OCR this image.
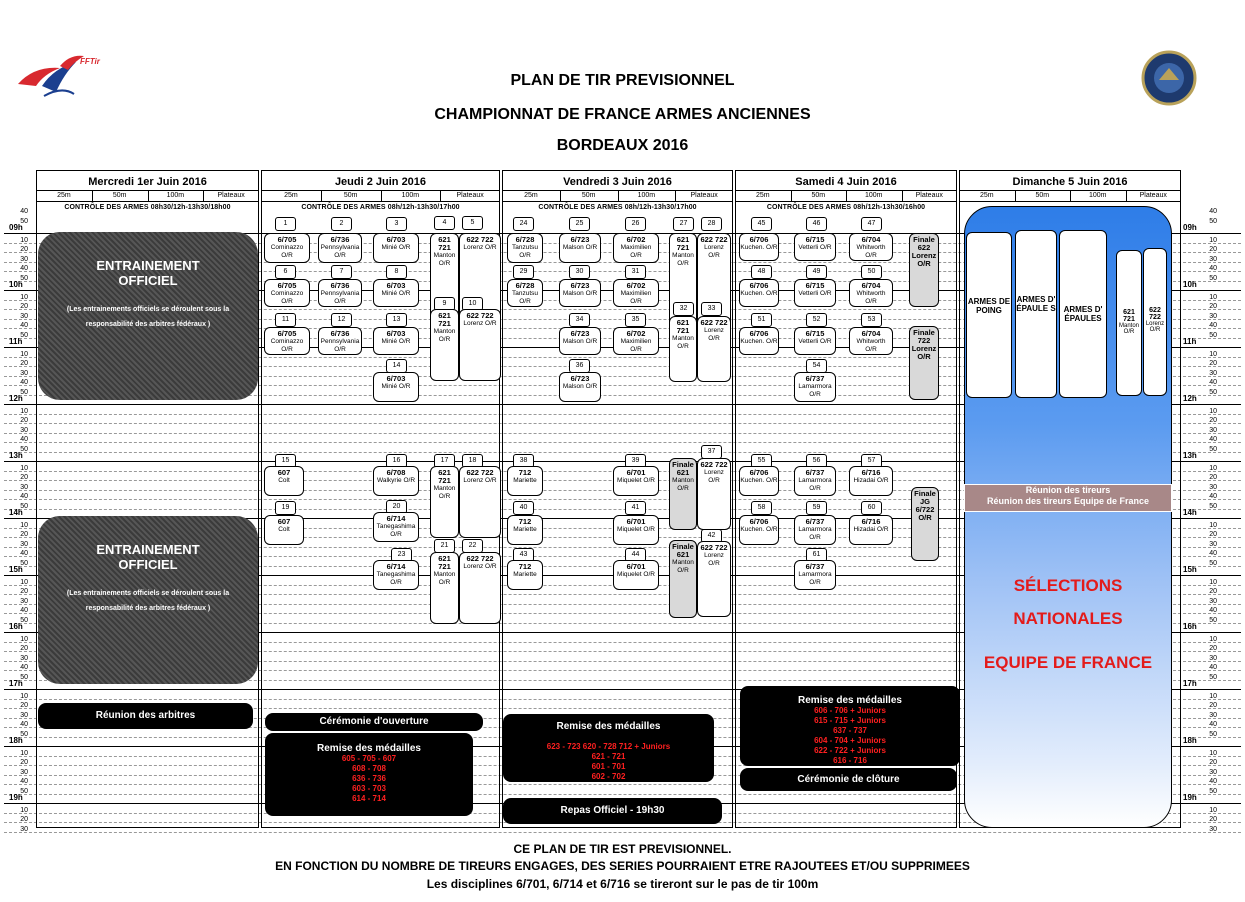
FFTir
PLAN DE TIR PREVISIONNEL
CHAMPIONNAT DE FRANCE ARMES ANCIENNES
BORDEAUX 2016
25m	50m	100m	Plateaux	25m	50m	100m	Plateaux	25m	50m	100m	Plateaux	25m	50m	100m	Plateaux	25m	50m	100m	Plateaux
40	40
50	50
09h	09h
10	10
20	20
30	30
40	40
50	50
10h	10h
10	10
20	20
30	30
40	40
50	50
11h	11h
10	10
20	20
30	30
40	40
50	50
12h	12h
10	10
20	20
30	30
40	40
50	50
13h	13h
10	10
20	20
30	30
40	40
50	50
14h	14h
10	10
20	20
30	30
40	40
50	50
15h	15h
10	10
20	20
30	30
40	40
50	50
16h	16h
10	10
20	20
30	30
40	40
50	50
17h	17h
10	10
20	20
30	30
40	40
50	50
18h	18h
10	10
20	20
30	30
40	40
50	50
19h	19h
10	10
20	20
30	30
Mercredi 1er Juin 2016	Jeudi 2 Juin 2016	Vendredi 3 Juin 2016	Samedi 4 Juin 2016	Dimanche 5 Juin 2016
CONTRÔLE DES ARMES 08h30/12h-13h30/18h00	CONTRÔLE DES ARMES 08h/12h-13h30/17h00	CONTRÔLE DES ARMES 08h/12h-13h30/17h00	CONTRÔLE DES ARMES 08h/12h-13h30/16h00
ENTRAINEMENT OFFICIEL
(Les entrainements officiels se déroulent sous la responsabilité des arbitres fédéraux )
ENTRAINEMENT OFFICIEL
(Les entrainements officiels se déroulent sous la responsabilité des arbitres fédéraux )
Réunion des arbitres
Cérémonie d'ouverture
Remise des médailles
605 - 705 - 607
608 - 708
636 - 736
603 - 703
614 - 714
Remise des médailles
623 - 723 620 - 728 712 + Juniors
621 - 721
601 - 701
602 - 702
Repas Officiel - 19h30
Remise des médailles
606 - 706 + Juniors
615 - 715 + Juniors
637 - 737
604 - 704 + Juniors
622 - 722 + Juniors
616 - 716
Cérémonie de clôture
ARMES DE POING
ARMES D' ÉPAULE S ARMES D' ÉPAULES
621 721
Manton O/R
622 722
Lorenz O/R
Réunion des tireurs
Réunion des tireurs Equipe de France
SÉLECTIONS
NATIONALES
EQUIPE DE FRANCE
1	2	3	4	5
6/705
Cominazzo O/R
6/736
Pennsylvania O/R
6/703
Minié O/R
621 721
Manton O/R
622 722
Lorenz O/R
6	7	8
6/705
Cominazzo O/R
6/736
Pennsylvania O/R
6/703
Minié O/R
9	10
11	12	13
6/705
Cominazzo O/R
6/736
Pennsylvania O/R
6/703
Minié O/R
621 721
Manton O/R
622 722
Lorenz O/R
14
6/703
Minié O/R
15
607
Colt
16
6/708
Walkyrie O/R
17	18
621 721
Manton O/R
622 722
Lorenz O/R
19
607
Colt
20
6/714
Tanegashima O/R
21	22
23
6/714
Tanegashima O/R
621 721
Manton O/R
622 722
Lorenz O/R
24	25	26	27	28
6/728
Tanzutsu O/R
6/723
Malson O/R
6/702
Maximilien O/R
621 721
Manton O/R
622 722
Lorenz O/R
29	30	31
6/728
Tanzutsu O/R
6/723
Malson O/R
6/702
Maximilien O/R
32	33
34	35
6/723
Malson O/R
6/702
Maximilien O/R
621 721
Manton O/R
622 722
Lorenz O/R
36
6/723
Malson O/R
37
38	39
712
Mariette
6/701
Miquelet O/R
Finale 621
Manton O/R
622 722
Lorenz O/R
40	41
712
Mariette
6/701
Miquelet O/R
42
43	44
712
Mariette
6/701
Miquelet O/R
Finale 621
Manton O/R
622 722
Lorenz O/R
45	46	47
6/706
Kuchen. O/R
6/715
Vetterli O/R
6/704
Whitworth O/R
Finale 622 Lorenz O/R
48	49	50
6/706
Kuchen. O/R
6/715
Vetterli O/R
6/704
Whitworth O/R
51	52	53
6/706
Kuchen. O/R
6/715
Vetterli O/R
6/704
Whitworth O/R
Finale 722 Lorenz O/R
54
6/737
Lamarmora O/R
55	56	57
6/706
Kuchen. O/R
6/737
Lamarmora O/R
6/716
Hizadai O/R
Finale JG 6/722 O/R
58	59	60
6/706
Kuchen. O/R
6/737
Lamarmora O/R
6/716
Hizadai O/R
61
6/737
Lamarmora O/R
CE PLAN DE TIR EST PREVISIONNEL.
EN FONCTION DU NOMBRE DE TIREURS ENGAGES, DES SERIES POURRAIENT ETRE RAJOUTEES ET/OU SUPPRIMEES
Les disciplines 6/701, 6/714 et 6/716 se tireront sur le pas de tir 100m
